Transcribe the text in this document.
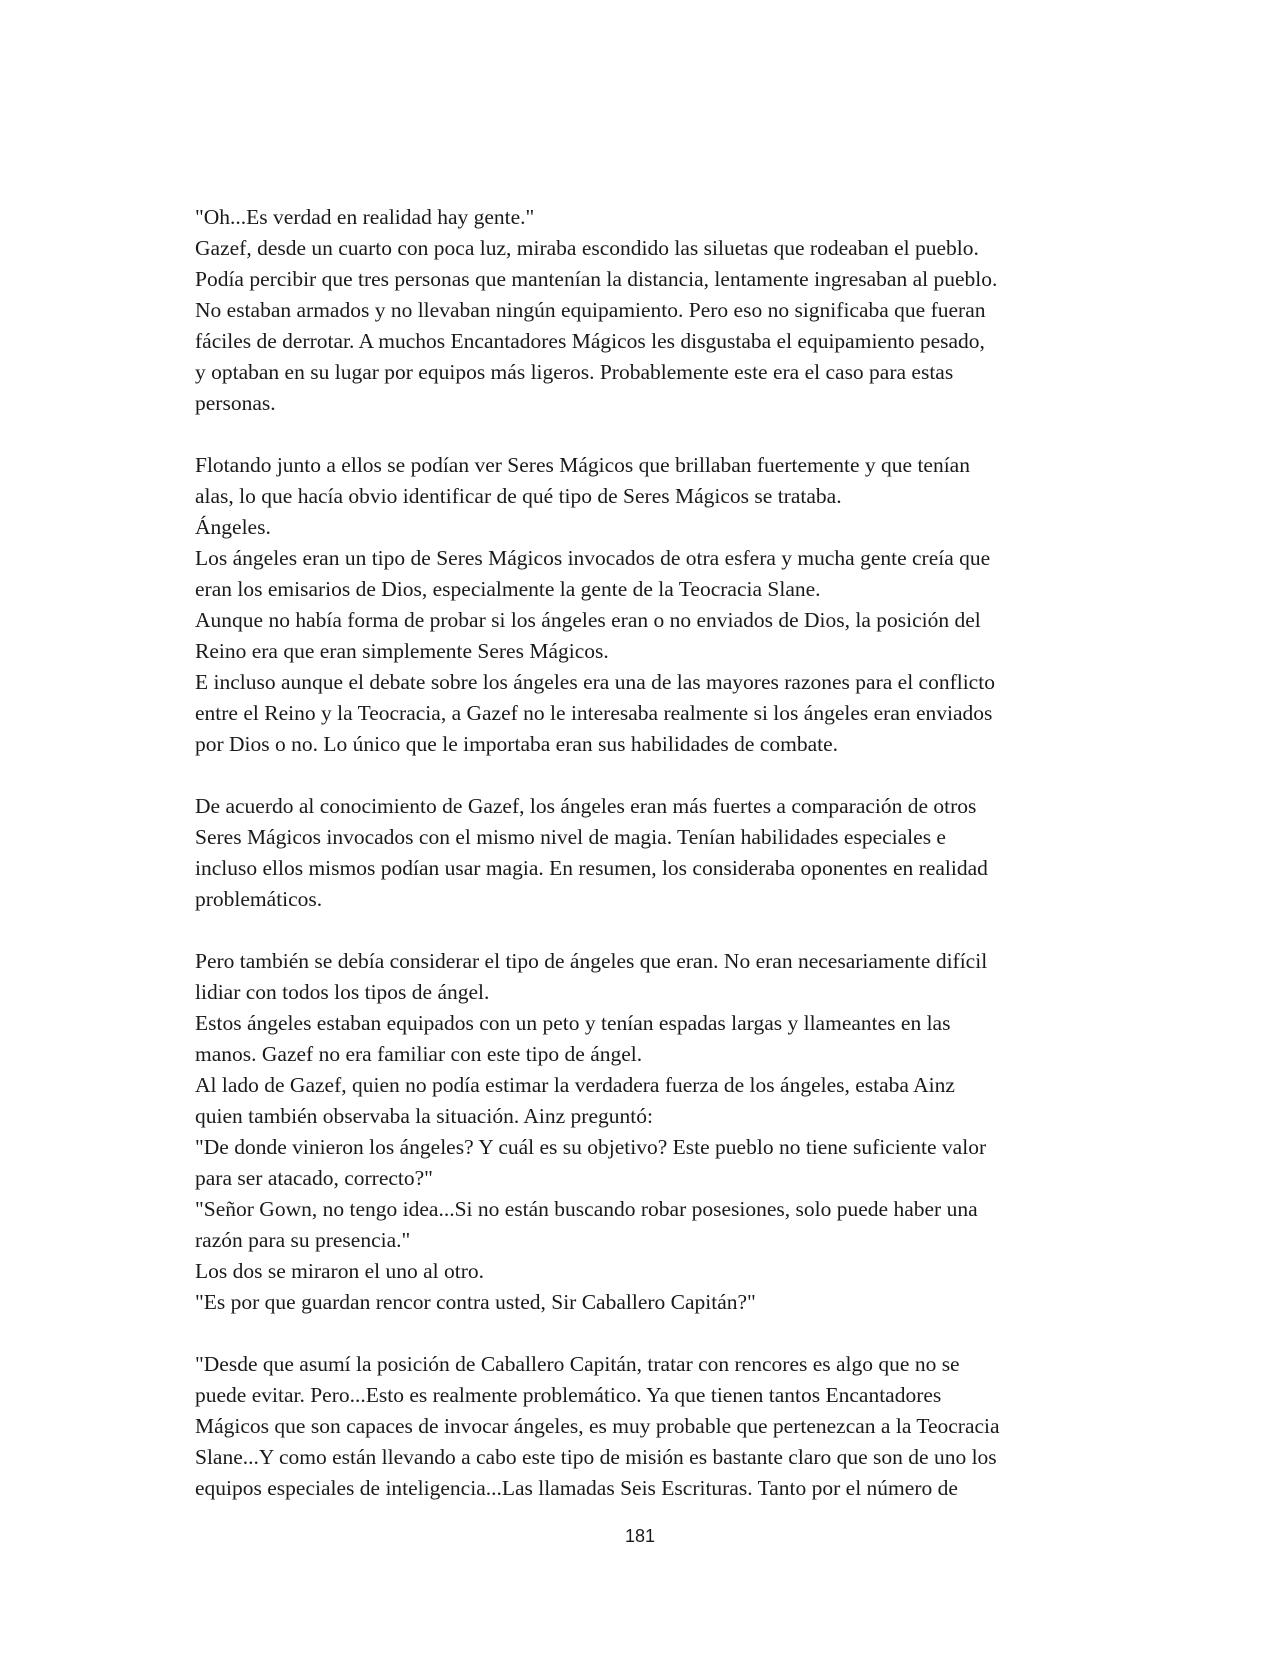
"Oh...Es verdad en realidad hay gente."
Gazef, desde un cuarto con poca luz, miraba escondido las siluetas que rodeaban el pueblo.
Podía percibir que tres personas que mantenían la distancia, lentamente ingresaban al pueblo.
No estaban armados y no llevaban ningún equipamiento. Pero eso no significaba que fueran
fáciles de derrotar. A muchos Encantadores Mágicos les disgustaba el equipamiento pesado,
y optaban en su lugar por equipos más ligeros. Probablemente este era el caso para estas
personas.
Flotando junto a ellos se podían ver Seres Mágicos que brillaban fuertemente y que tenían
alas, lo que hacía obvio identificar de qué tipo de Seres Mágicos se trataba.
Ángeles.
Los ángeles eran un tipo de Seres Mágicos invocados de otra esfera y mucha gente creía que
eran los emisarios de Dios, especialmente la gente de la Teocracia Slane.
Aunque no había forma de probar si los ángeles eran o no enviados de Dios, la posición del
Reino era que eran simplemente Seres Mágicos.
E incluso aunque el debate sobre los ángeles era una de las mayores razones para el conflicto
entre el Reino y la Teocracia, a Gazef no le interesaba realmente si los ángeles eran enviados
por Dios o no. Lo único que le importaba eran sus habilidades de combate.
De acuerdo al conocimiento de Gazef, los ángeles eran más fuertes a comparación de otros
Seres Mágicos invocados con el mismo nivel de magia. Tenían habilidades especiales e
incluso ellos mismos podían usar magia. En resumen, los consideraba oponentes en realidad
problemáticos.
Pero también se debía considerar el tipo de ángeles que eran. No eran necesariamente difícil
lidiar con todos los tipos de ángel.
Estos ángeles estaban equipados con un peto y tenían espadas largas y llameantes en las
manos. Gazef no era familiar con este tipo de ángel.
Al lado de Gazef, quien no podía estimar la verdadera fuerza de los ángeles, estaba Ainz
quien también observaba la situación. Ainz preguntó:
"De donde vinieron los ángeles? Y cuál es su objetivo? Este pueblo no tiene suficiente valor
para ser atacado, correcto?"
"Señor Gown, no tengo idea...Si no están buscando robar posesiones, solo puede haber una
razón para su presencia."
Los dos se miraron el uno al otro.
"Es por que guardan rencor contra usted, Sir Caballero Capitán?"
"Desde que asumí la posición de Caballero Capitán, tratar con rencores es algo que no se
puede evitar. Pero...Esto es realmente problemático. Ya que tienen tantos Encantadores
Mágicos que son capaces de invocar ángeles, es muy probable que pertenezcan a la Teocracia
Slane...Y como están llevando a cabo este tipo de misión es bastante claro que son de uno los
equipos especiales de inteligencia...Las llamadas Seis Escrituras. Tanto por el número de
181
